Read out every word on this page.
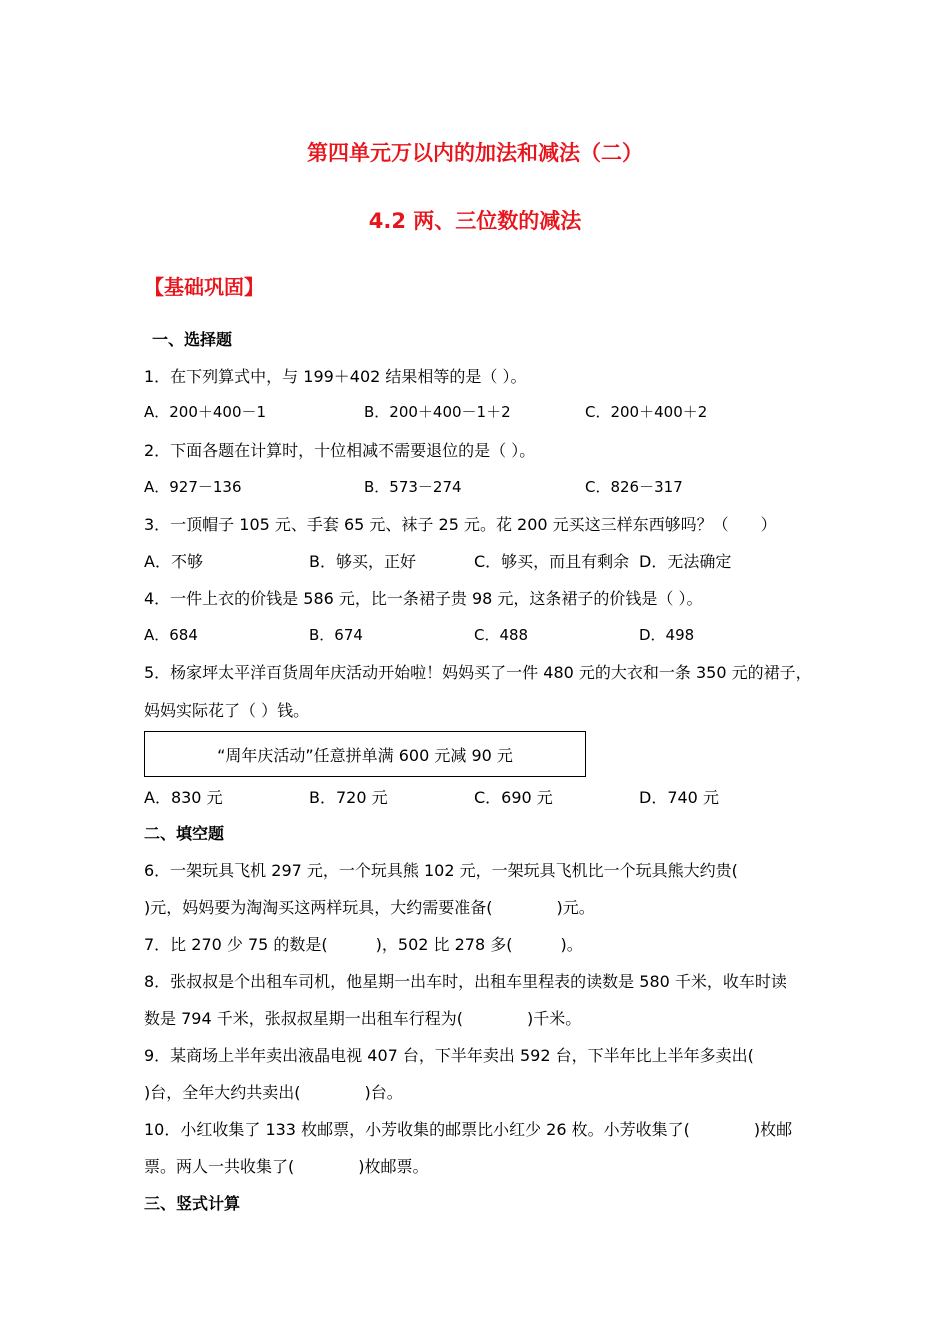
第四单元万以内的加法和减法（二）
4.2 两、三位数的减法
【基础巩固】
一、选择题
1．在下列算式中，与 199＋402 结果相等的是（ ）。
A．200＋400－1	B．200＋400－1＋2	C．200＋400＋2
2．下面各题在计算时，十位相减不需要退位的是（ ）。
A．927－136	B．573－274	C．826－317
3．一顶帽子 105 元、手套 65 元、袜子 25 元。花 200 元买这三样东西够吗？（　　）
A．不够	B．够买，正好	C．够买，而且有剩余 D．无法确定
4．一件上衣的价钱是 586 元，比一条裙子贵 98 元，这条裙子的价钱是（ ）。
A．684	B．674	C．488	D．498
5．杨家坪太平洋百货周年庆活动开始啦！妈妈买了一件 480 元的大衣和一条 350 元的裙子，
妈妈实际花了（ ）钱。
“周年庆活动”任意拼单满 600 元减 90 元
A．830 元	B．720 元	C．690 元	D．740 元
二、填空题
6．一架玩具飞机 297 元，一个玩具熊 102 元，一架玩具飞机比一个玩具熊大约贵(
)元，妈妈要为淘淘买这两样玩具，大约需要准备(　　　　)元。
7．比 270 少 75 的数是(　　　)，502 比 278 多(　　　)。
8．张叔叔是个出租车司机，他星期一出车时，出租车里程表的读数是 580 千米，收车时读
数是 794 千米，张叔叔星期一出租车行程为(　　　　)千米。
9．某商场上半年卖出液晶电视 407 台，下半年卖出 592 台，下半年比上半年多卖出(
)台，全年大约共卖出(　　　　)台。
10．小红收集了 133 枚邮票，小芳收集的邮票比小红少 26 枚。小芳收集了(　　　　)枚邮
票。两人一共收集了(　　　　)枚邮票。
三、竖式计算
